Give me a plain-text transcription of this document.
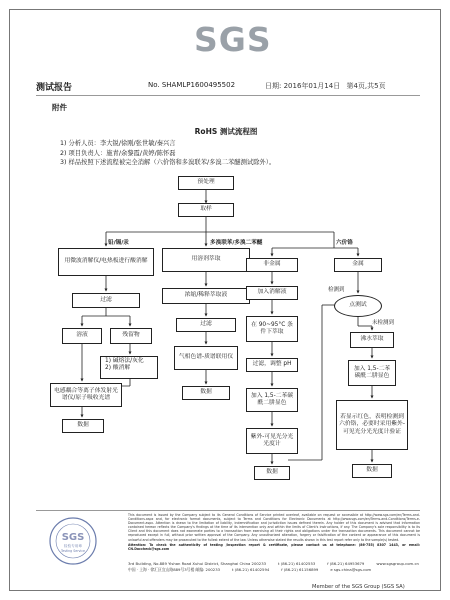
SGS
测试报告	No. SHAMLP1600495502	日期: 2016年01月14日 第4页,共5页
附件
RoHS 测试流程图
1) 分析人员：李大锐/徐刚/张世敏/秦兴言
2) 项目负责人：施青/余黎霞/黄婷/陈怀磊
3) 样品按照下述流程被完全消解（六价铬和多溴联苯/多溴二苯醚测试除外）。
预处理
取样
铅/镉/汞	多溴联苯/多溴二苯醚	六价铬
用微波消解仪/电热板进行酸消解
过滤
溶液	残留物
1) 碱熔法/灰化
2) 酸消解
电感耦合等离子体发射光谱仪/原子吸收光谱
数据
用溶剂萃取
浓缩/稀释萃取液
过滤
气相色谱-质谱联用仪
数据
非金属
加入消解液
在 90~95°C 条件下萃取
过滤，调整 pH
加入 1,5-二苯碳酰二肼显色
紫外-可见光分光光度计
数据
金属
检测到
点测试
未检测到
沸水萃取
加入 1,5-二苯碳酰二肼显色
若显示红色，表明检测到六价铬，必要时采用紫外-可见光分光光度计验证
数据
SGS
检验专用章
Testing Service
This document is issued by the Company subject to its General Conditions of Service printed overleaf, available on request or accessible at http://www.sgs.com/en/Terms-and-Conditions.aspx and, for electronic format documents, subject to Terms and Conditions for Electronic Documents at http://www.sgs.com/en/Terms-and-Conditions/Terms-e-Document.aspx. Attention is drawn to the limitation of liability, indemnification and jurisdiction issues defined therein. Any holder of this document is advised that information contained hereon reflects the Company's findings at the time of its intervention only and within the limits of Client's instructions, if any. The Company's sole responsibility is to its Client and this document does not exonerate parties to a transaction from exercising all their rights and obligations under the transaction documents. This document cannot be reproduced except in full, without prior written approval of the Company. Any unauthorized alteration, forgery or falsification of the content or appearance of this document is unlawful and offenders may be prosecuted to the fullest extent of the law. Unless otherwise stated the results shown in this test report refer only to the sample(s) tested.
Attention: To check the authenticity of testing /inspection report & certificate, please contact us at telephone: (86-755) 8307 1443, or email: CN.Doccheck@sgs.com
3rd Building, No.889 Yishan Road Xuhui District, Shanghai China 200233	t (86-21) 61402553	f (86-21) 64953679	www.sgsgroup.com.cn
中国 · 上海 · 徐汇区宜山路889号3号楼 邮编: 200233	t (86-21) 61402594	f (86-21) 61156899	e sgs.china@sgs.com
Member of the SGS Group (SGS SA)
